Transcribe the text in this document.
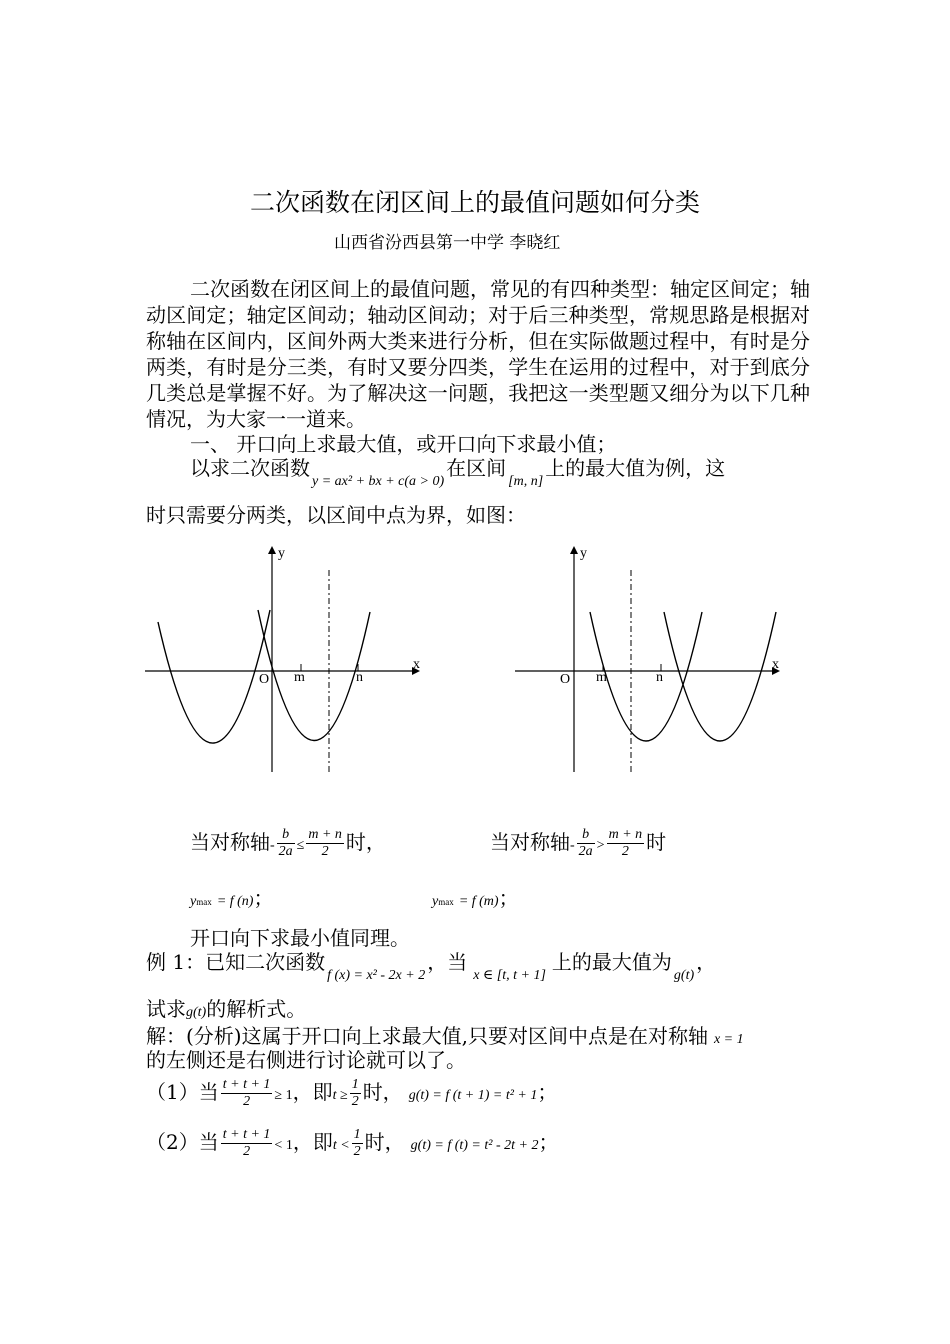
二次函数在闭区间上的最值问题如何分类
山西省汾西县第一中学 李晓红
二次函数在闭区间上的最值问题，常见的有四种类型：轴定区间定；轴动区间定；轴定区间动；轴动区间动；对于后三种类型，常规思路是根据对称轴在区间内，区间外两大类来进行分析，但在实际做题过程中，有时是分两类，有时是分三类，有时又要分四类，学生在运用的过程中，对于到底分几类总是掌握不好。为了解决这一问题，我把这一类型题又细分为以下几种情况，为大家一一道来。
一、 开口向上求最大值，或开口向下求最小值；
以求二次函数$_{y = ax^2 + bx + c(a > 0)}$在区间$_{[m, n]}$上的最大值为例，这
时只需要分两类，以区间中点为界，如图：
y
x
O m	n
y
x
O m	n
当对称轴- $\frac{b}{2a} \le \frac{m + n}{2}$ 时，	当对称轴- $\frac{b}{2a} > \frac{m + n}{2}$ 时
ymax = f (n)；	ymax = f (m)；
开口向下求最小值同理。
例 1：已知二次函数$_{f (x) = x^2 - 2x + 2}$，当$_{x \in [t, t + 1]}$上的最大值为$_{g(t)}$，
试求g(t)的解析式。
解：(分析)这属于开口向上求最大值,只要对区间中点是在对称轴 x = 1
的左侧还是右侧进行讨论就可以了。
（1）当 $\frac{t + t + 1}{2} \ge 1$，即$t \ge \frac{1}{2}$ 时， g(t) = f (t + 1) = t² + 1；
（2）当 $\frac{t + t + 1}{2} < 1$，即$t < \frac{1}{2}$ 时， g(t) = f (t) = t² - 2t + 2；
